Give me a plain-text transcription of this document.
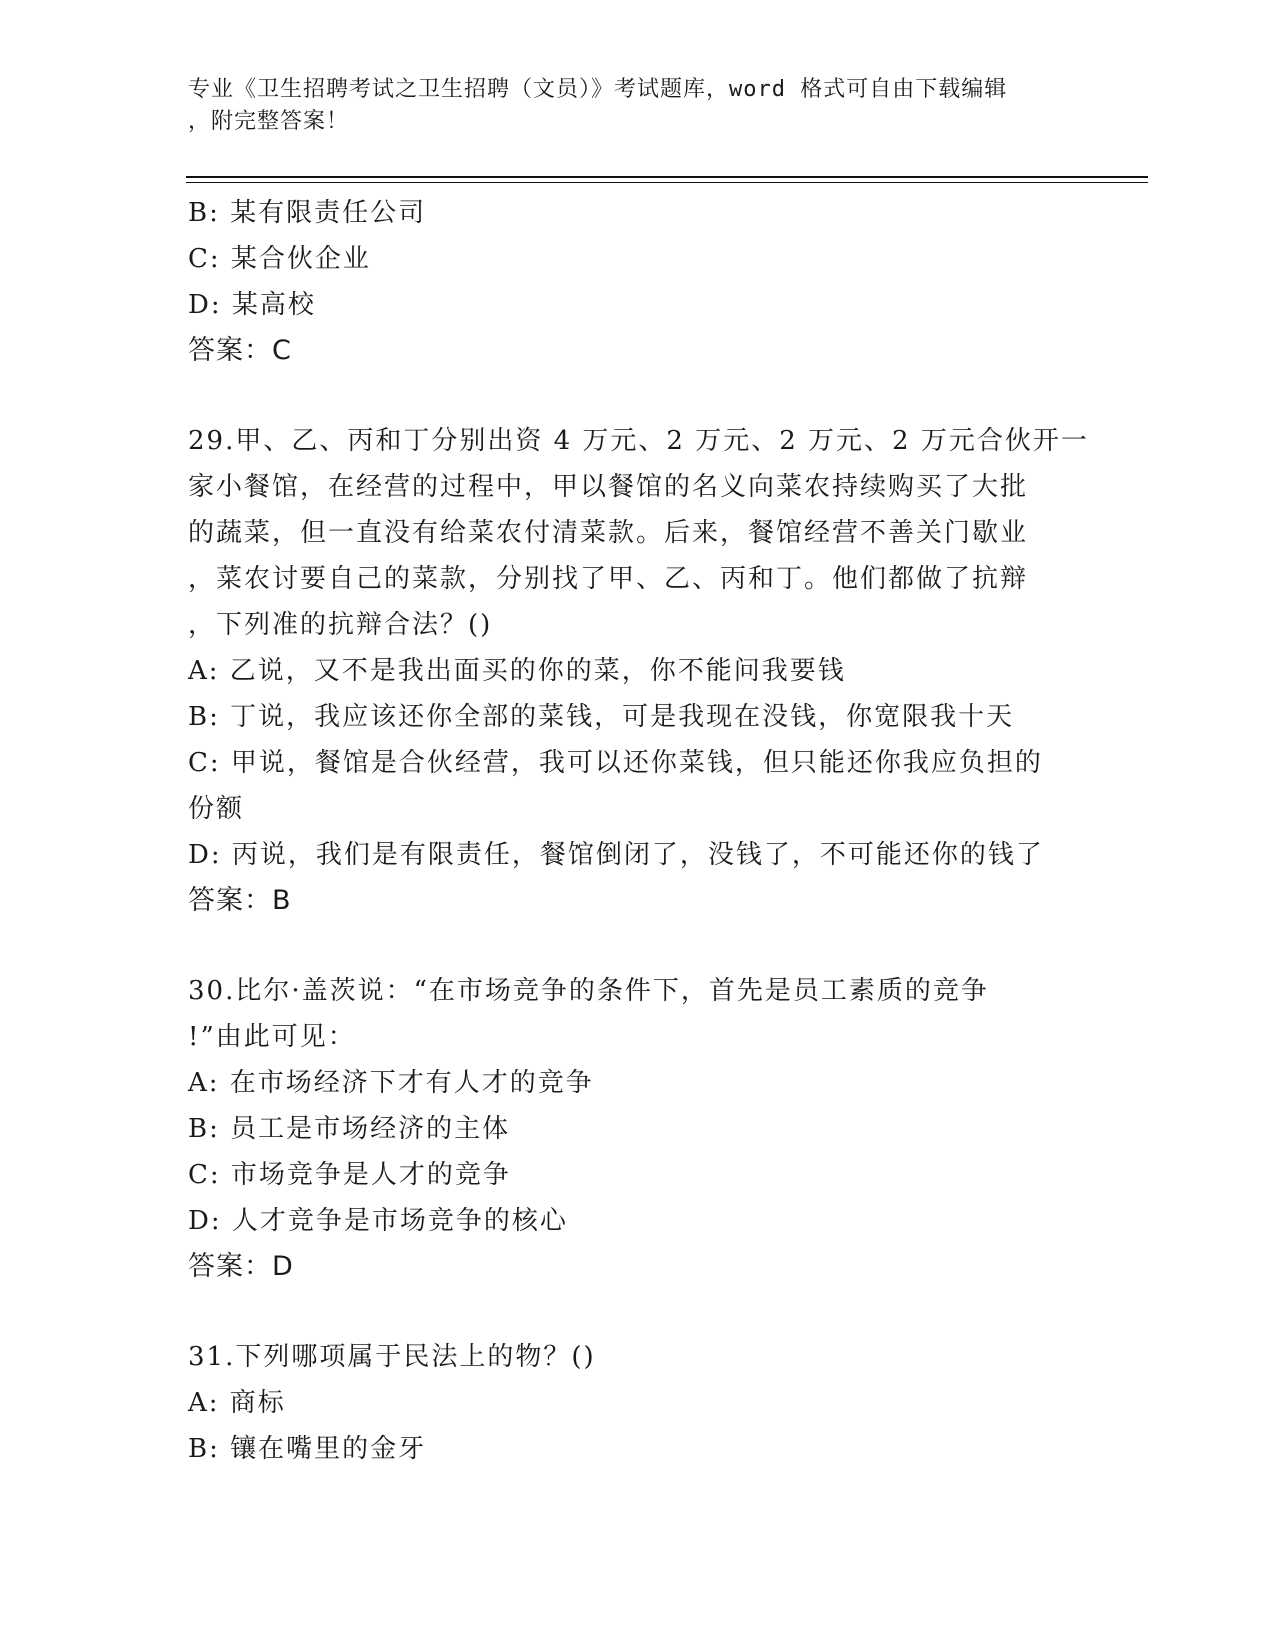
专业《卫生招聘考试之卫生招聘（文员）》考试题库，word 格式可自由下载编辑
，附完整答案！
B: 某有限责任公司
C: 某合伙企业
D: 某高校
答案：C
29.甲、乙、丙和丁分别出资 4 万元、2 万元、2 万元、2 万元合伙开一
家小餐馆，在经营的过程中，甲以餐馆的名义向菜农持续购买了大批
的蔬菜，但一直没有给菜农付清菜款。后来，餐馆经营不善关门歇业
，菜农讨要自己的菜款，分别找了甲、乙、丙和丁。他们都做了抗辩
，下列准的抗辩合法？()
A: 乙说，又不是我出面买的你的菜，你不能问我要钱
B: 丁说，我应该还你全部的菜钱，可是我现在没钱，你宽限我十天
C: 甲说，餐馆是合伙经营，我可以还你菜钱，但只能还你我应负担的
份额
D: 丙说，我们是有限责任，餐馆倒闭了，没钱了，不可能还你的钱了
答案：B
30.比尔·盖茨说：“在市场竞争的条件下，首先是员工素质的竞争
!”由此可见：
A: 在市场经济下才有人才的竞争
B: 员工是市场经济的主体
C: 市场竞争是人才的竞争
D: 人才竞争是市场竞争的核心
答案：D
31.下列哪项属于民法上的物？()
A: 商标
B: 镶在嘴里的金牙
